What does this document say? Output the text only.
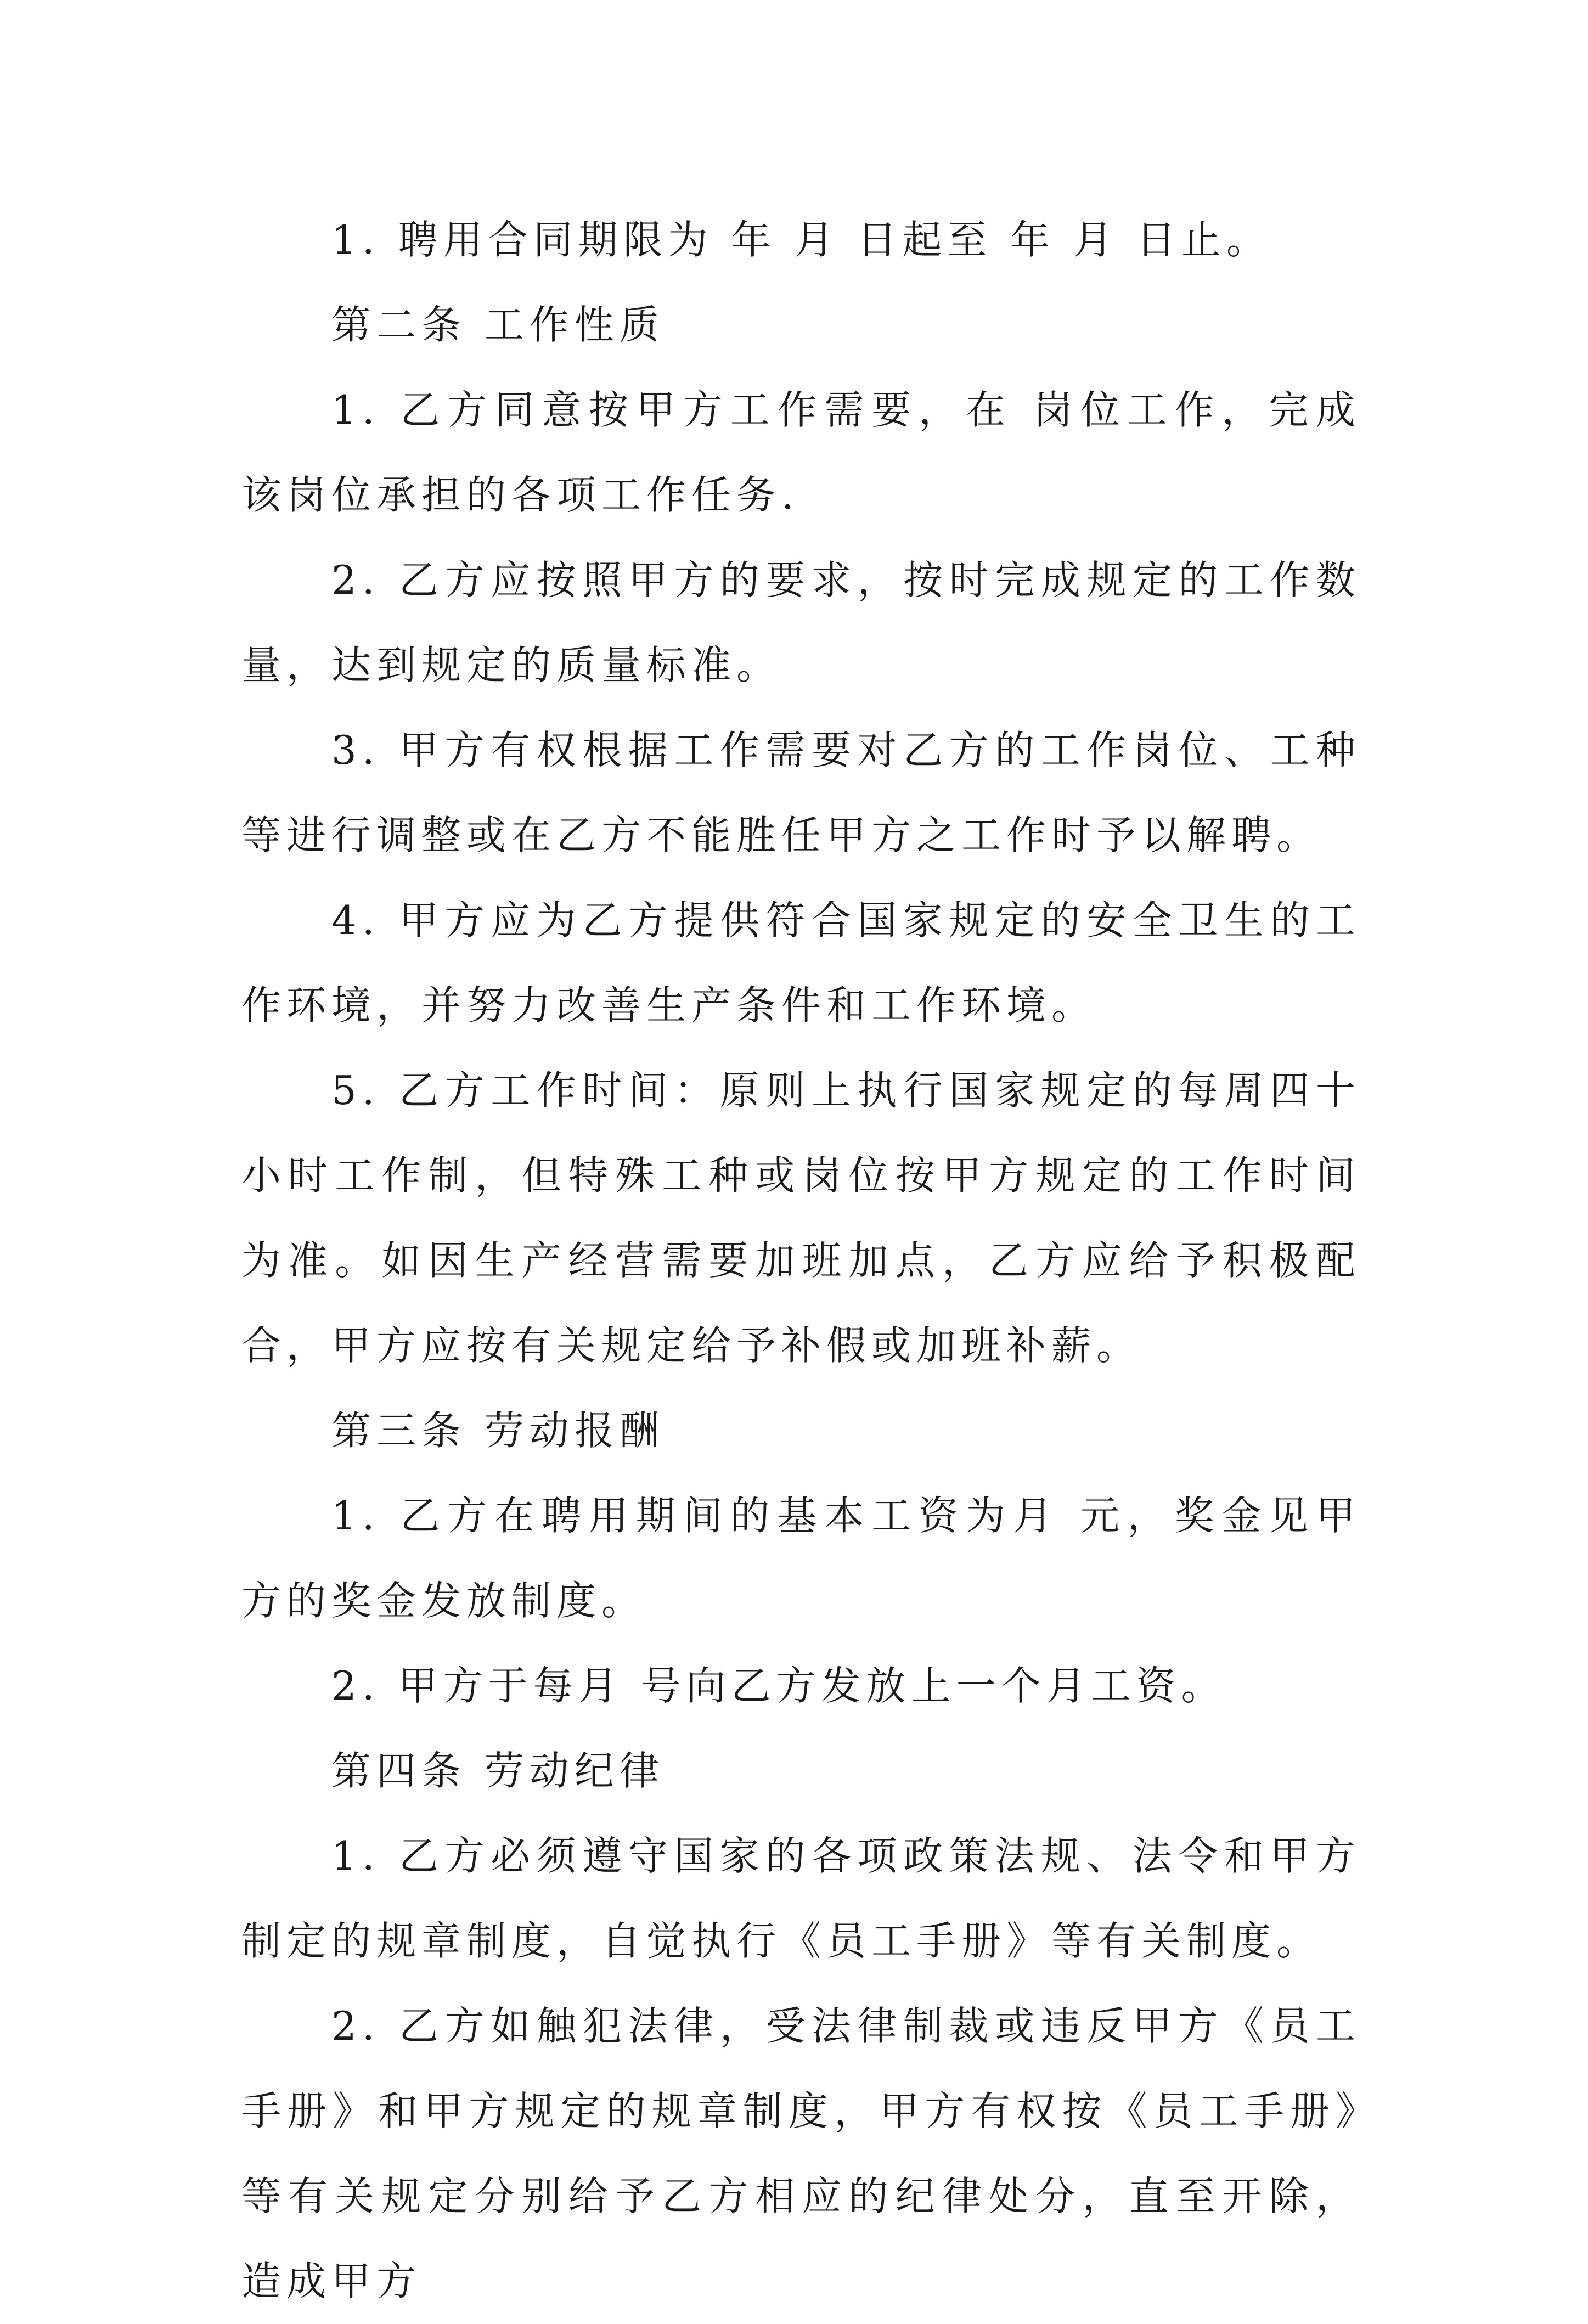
1. 聘用合同期限为 年 月 日起至 年 月 日止。

第二条 工作性质

1. 乙方同意按甲方工作需要，在 岗位工作，完成该岗位承担的各项工作任务.

2. 乙方应按照甲方的要求，按时完成规定的工作数量，达到规定的质量标准。

3. 甲方有权根据工作需要对乙方的工作岗位、工种等进行调整或在乙方不能胜任甲方之工作时予以解聘。

4. 甲方应为乙方提供符合国家规定的安全卫生的工作环境，并努力改善生产条件和工作环境。

5. 乙方工作时间：原则上执行国家规定的每周四十小时工作制，但特殊工种或岗位按甲方规定的工作时间为准。如因生产经营需要加班加点，乙方应给予积极配合，甲方应按有关规定给予补假或加班补薪。

第三条 劳动报酬

1. 乙方在聘用期间的基本工资为月 元，奖金见甲方的奖金发放制度。

2. 甲方于每月 号向乙方发放上一个月工资。

第四条 劳动纪律

1. 乙方必须遵守国家的各项政策法规、法令和甲方制定的规章制度，自觉执行《员工手册》等有关制度。

2. 乙方如触犯法律，受法律制裁或违反甲方《员工手册》和甲方规定的规章制度，甲方有权按《员工手册》等有关规定分别给予乙方相应的纪律处分，直至开除，造成甲方
